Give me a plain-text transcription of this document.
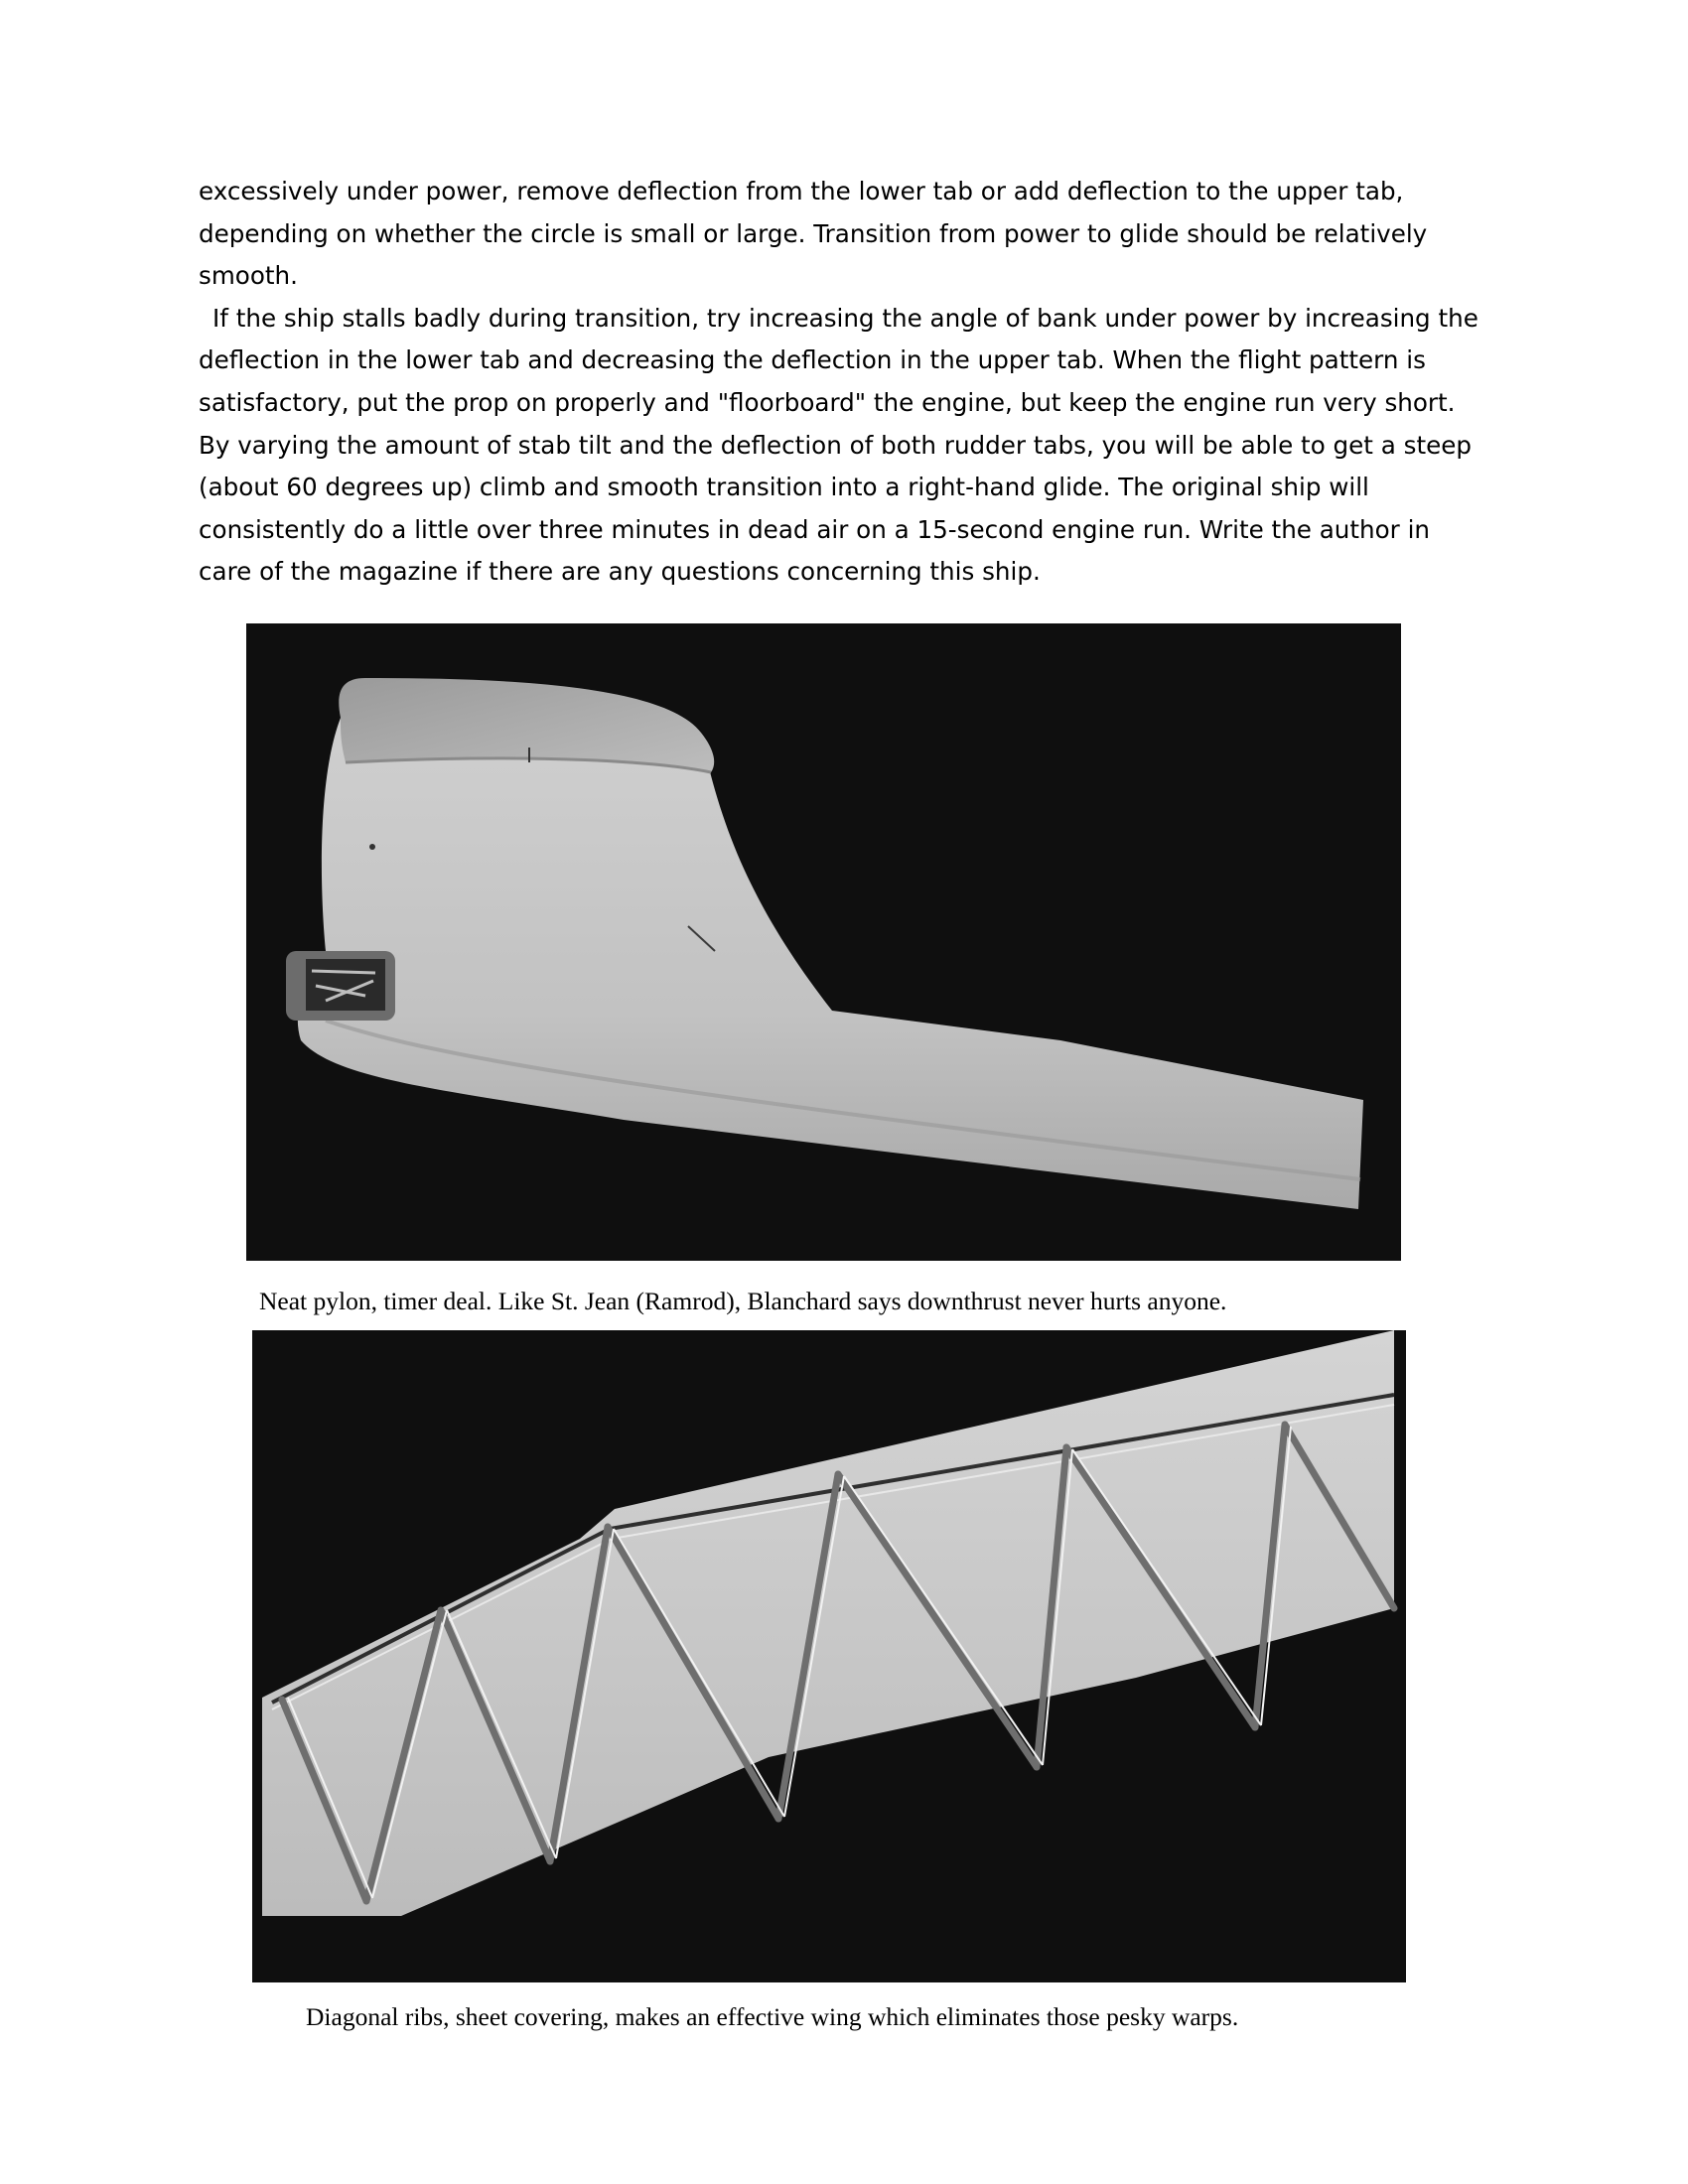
excessively under power, remove deflection from the lower tab or add deflection to the upper tab, depending on whether the circle is small or large. Transition from power to glide should be relatively smooth.

If the ship stalls badly during transition, try increasing the angle of bank under power by increasing the deflection in the lower tab and decreasing the deflection in the upper tab. When the flight pattern is satisfactory, put the prop on properly and "floorboard" the engine, but keep the engine run very short. By varying the amount of stab tilt and the deflection of both rudder tabs, you will be able to get a steep (about 60 degrees up) climb and smooth transition into a right-hand glide. The original ship will consistently do a little over three minutes in dead air on a 15-second engine run. Write the author in care of the magazine if there are any questions concerning this ship.

Neat pylon, timer deal. Like St. Jean (Ramrod), Blanchard says downthrust never hurts anyone.
Diagonal ribs, sheet covering, makes an effective wing which eliminates those pesky warps.
